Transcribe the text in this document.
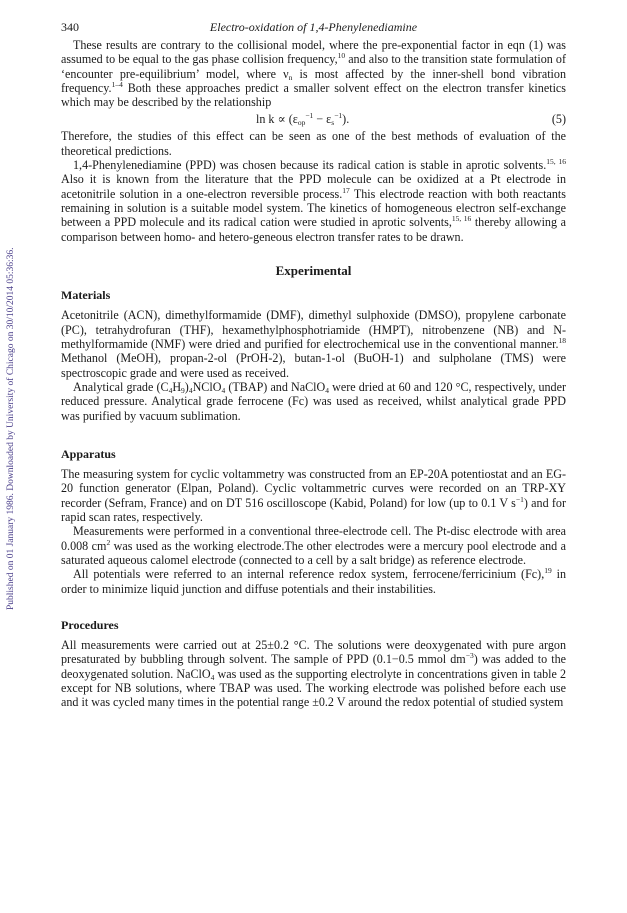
Published on 01 January 1986. Downloaded by University of Chicago on 30/10/2014 05:36:36.
340	Electro-oxidation of 1,4-Phenylenediamine

These results are contrary to the collisional model, where the pre-exponential factor in eqn (1) was assumed to be equal to the gas phase collision frequency,$^{10}$ and also to the transition state formulation of ‘encounter pre-equilibrium’ model, where $\nu_n$ is most affected by the inner-shell bond vibration frequency.$^{1-4}$ Both these approaches predict a smaller solvent effect on the electron transfer kinetics which may be described by the relationship

$\ln k \propto (\varepsilon_{op}^{-1} - \varepsilon_s^{-1})$.	(5)

Therefore, the studies of this effect can be seen as one of the best methods of evaluation of the theoretical predictions.

1,4-Phenylenediamine (PPD) was chosen because its radical cation is stable in aprotic solvents.$^{15, 16}$ Also it is known from the literature that the PPD molecule can be oxidized at a Pt electrode in acetonitrile solution in a one-electron reversible process.$^{17}$ This electrode reaction with both reactants remaining in solution is a suitable model system. The kinetics of homogeneous electron self-exchange between a PPD molecule and its radical cation were studied in aprotic solvents,$^{15, 16}$ thereby allowing a comparison between homo- and hetero-geneous electron transfer rates to be drawn.

Experimental
Materials

Acetonitrile (ACN), dimethylformamide (DMF), dimethyl sulphoxide (DMSO), propylene carbonate (PC), tetrahydrofuran (THF), hexamethylphosphotriamide (HMPT), nitrobenzene (NB) and N-methylformamide (NMF) were dried and purified for electrochemical use in the conventional manner.$^{18}$ Methanol (MeOH), propan-2-ol (PrOH-2), butan-1-ol (BuOH-1) and sulpholane (TMS) were spectroscopic grade and were used as received.

Analytical grade $(C_4H_9)_4NClO_4$ (TBAP) and NaClO$_4$ were dried at 60 and 120 °C, respectively, under reduced pressure. Analytical grade ferrocene (Fc) was used as received, whilst analytical grade PPD was purified by vacuum sublimation.

Apparatus

The measuring system for cyclic voltammetry was constructed from an EP-20A potentiostat and an EG-20 function generator (Elpan, Poland). Cyclic voltammetric curves were recorded on an TRP-XY recorder (Sefram, France) and on DT 516 oscilloscope (Kabid, Poland) for low (up to 0.1 V $s^{-1}$) and for rapid scan rates, respectively.

Measurements were performed in a conventional three-electrode cell. The Pt-disc electrode with area 0.008 $cm^2$ was used as the working electrode.The other electrodes were a mercury pool electrode and a saturated aqueous calomel electrode (connected to a cell by a salt bridge) as reference electrode.

All potentials were referred to an internal reference redox system, ferrocene/ferricinium (Fc),$^{19}$ in order to minimize liquid junction and diffuse potentials and their instabilities.

Procedures

All measurements were carried out at 25±0.2 °C. The solutions were deoxygenated with pure argon presaturated by bubbling through solvent. The sample of PPD (0.1−0.5 mmol $dm^{-3}$) was added to the deoxygenated solution. NaClO$_4$ was used as the supporting electrolyte in concentrations given in table 2 except for NB solutions, where TBAP was used. The working electrode was polished before each use and it was cycled many times in the potential range ±0.2 V around the redox potential of studied system
